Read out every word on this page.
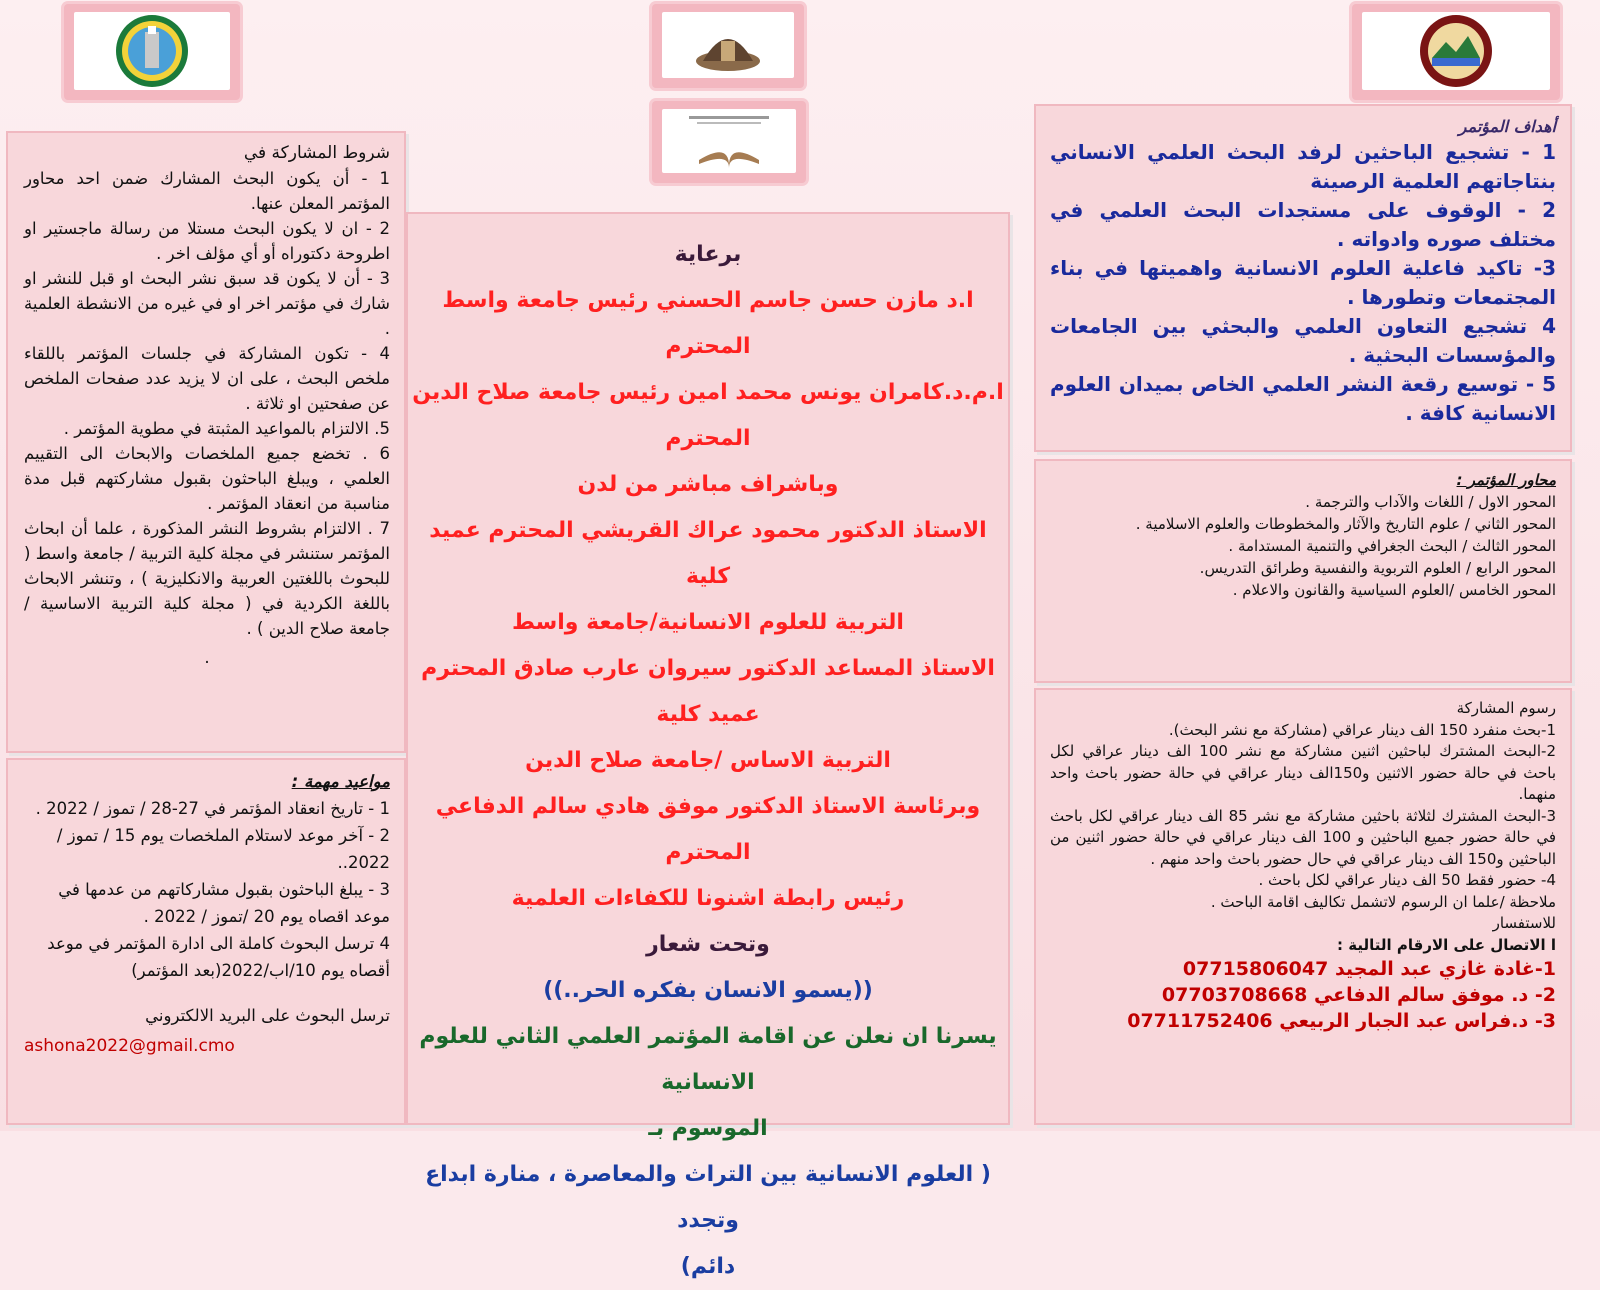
شروط المشاركة في

1 - أن يكون البحث المشارك ضمن احد محاور المؤتمر المعلن عنها.

2 - ان لا يكون البحث مستلا من رسالة ماجستير او اطروحة دكتوراه أو أي مؤلف اخر .

3 - أن لا يكون قد سبق نشر البحث او قبل للنشر او شارك في مؤتمر اخر او في غيره من الانشطة العلمية .

4 - تكون المشاركة في جلسات المؤتمر باللقاء ملخص البحث ، على ان لا يزيد عدد صفحات الملخص عن صفحتين او ثلاثة .

5. الالتزام بالمواعيد المثبتة في مطوية المؤتمر .

6 . تخضع جميع الملخصات والابحاث الى التقييم العلمي ، ويبلغ الباحثون بقبول مشاركتهم قبل مدة مناسبة من انعقاد المؤتمر .

7 . الالتزام بشروط النشر المذكورة ، علما أن ابحاث المؤتمر ستنشر في مجلة كلية التربية / جامعة واسط ( للبحوث باللغتين العربية والانكليزية ) ، وتنشر الابحاث باللغة الكردية في ( مجلة كلية التربية الاساسية / جامعة صلاح الدين ) .

.

مواعيد مهمة :

1 - تاريخ انعقاد المؤتمر في 27-28 / تموز / 2022 .

2 - آخر موعد لاستلام الملخصات يوم 15 / تموز / 2022..

3 - يبلغ الباحثون بقبول مشاركاتهم من عدمها في موعد اقصاه يوم 20 /تموز / 2022 .

4 ترسل البحوث كاملة الى ادارة المؤتمر في موعد أقصاه يوم 10/اب/2022(بعد المؤتمر)

ترسل البحوث على البريد الالكتروني

ashona2022@gmail.cmo

برعاية

ا.د مازن حسن جاسم الحسني رئيس جامعة واسط المحترم

ا.م.د.كامران يونس محمد امين رئيس جامعة صلاح الدين

المحترم

وباشراف مباشر من لدن

الاستاذ الدكتور محمود عراك القريشي المحترم عميد كلية

التربية للعلوم الانسانية/جامعة واسط

الاستاذ المساعد الدكتور سيروان عارب صادق المحترم عميد كلية

التربية الاساس /جامعة صلاح الدين

وبرئاسة الاستاذ الدكتور موفق هادي سالم الدفاعي المحترم

رئيس رابطة اشنونا للكفاءات العلمية

وتحت شعار

((يسمو الانسان بفكره الحر..))

يسرنا ان نعلن عن اقامة المؤتمر العلمي الثاني للعلوم الانسانية

الموسوم بـ

( العلوم الانسانية بين التراث والمعاصرة ، منارة ابداع وتجدد

دائم)

أهداف المؤتمر

1 - تشجيع الباحثين لرفد البحث العلمي الانساني بنتاجاتهم العلمية الرصينة

2 - الوقوف على مستجدات البحث العلمي في مختلف صوره وادواته .

3- تاكيد فاعلية العلوم الانسانية واهميتها في بناء المجتمعات وتطورها .

4 تشجيع التعاون العلمي والبحثي بين الجامعات والمؤسسات البحثية .

5 - توسيع رقعة النشر العلمي الخاص بميدان العلوم الانسانية كافة .

محاور المؤتمر :

المحور الاول / اللغات والآداب والترجمة .

المحور الثاني / علوم التاريخ والآثار والمخطوطات والعلوم الاسلامية .

المحور الثالث / البحث الجغرافي والتنمية المستدامة .

المحور الرابع / العلوم التربوية والنفسية وطرائق التدريس.

المحور الخامس /العلوم السياسية والقانون والاعلام .

رسوم المشاركة

1-بحث منفرد 150 الف دينار عراقي (مشاركة مع نشر البحث).

2-البحث المشترك لباحثين اثنين مشاركة مع نشر 100 الف دينار عراقي لكل باحث في حالة حضور الاثنين و150الف دينار عراقي في حالة حضور باحث واحد منهما.

3-البحث المشترك لثلاثة باحثين مشاركة مع نشر 85 الف دينار عراقي لكل باحث في حالة حضور جميع الباحثين و 100 الف دينار عراقي في حالة حضور اثنين من الباحثين و150 الف دينار عراقي في حال حضور باحث واحد منهم .

4- حضور فقط 50 الف دينار عراقي لكل باحث .

ملاحظة /علما ان الرسوم لاتشمل تكاليف اقامة الباحث .

للاستفسار

ا الاتصال على الارقام التالية :

1-غادة غازي عبد المجيد 07715806047

2- د. موفق سالم الدفاعي 07703708668

3- د.فراس عبد الجبار الربيعي 07711752406
